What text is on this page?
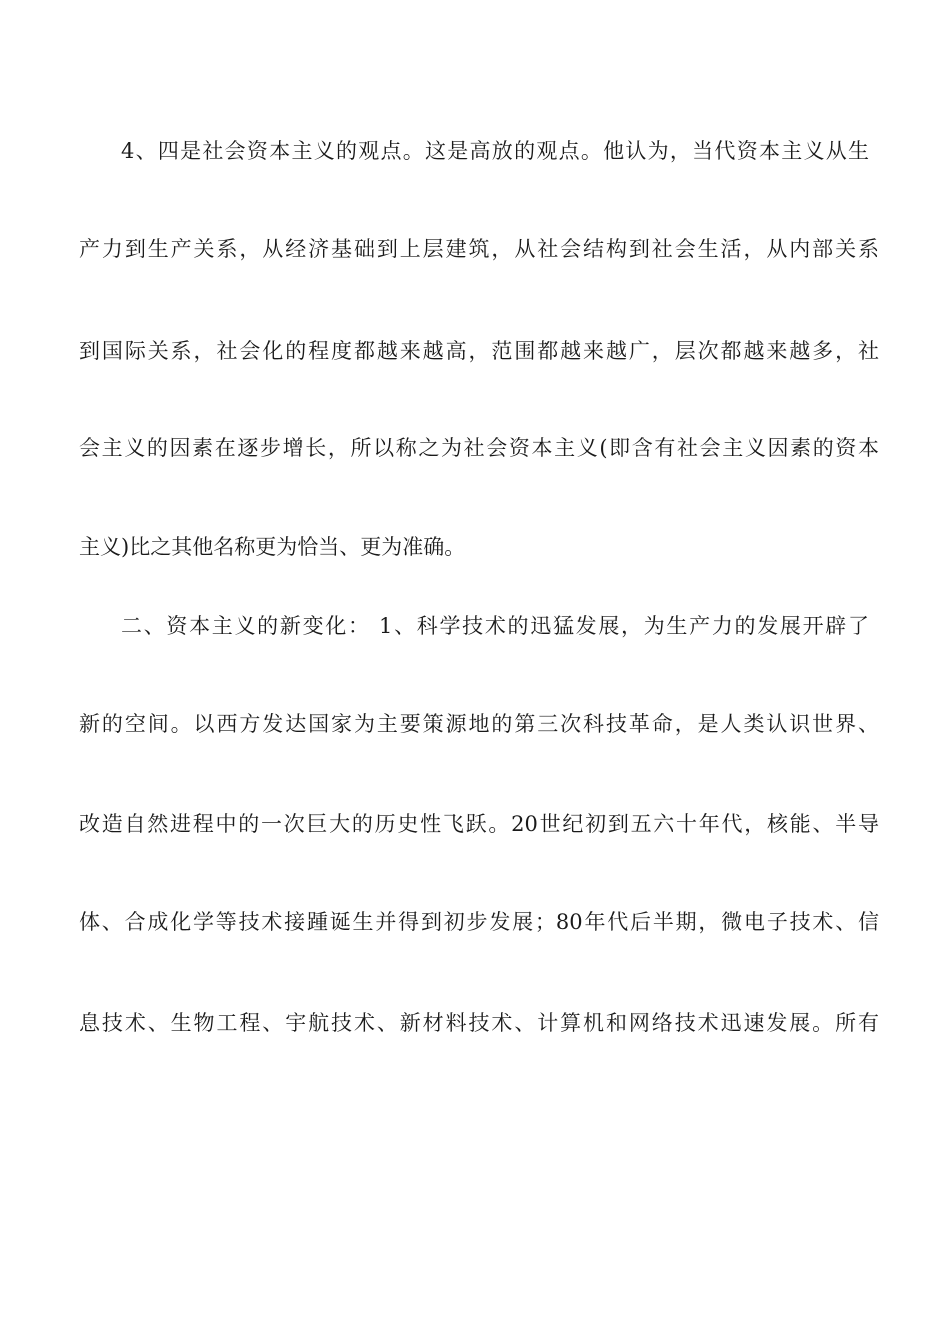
4、四是社会资本主义的观点。这是高放的观点。他认为，当代资本主义从生
产力到生产关系，从经济基础到上层建筑，从社会结构到社会生活，从内部关系
到国际关系，社会化的程度都越来越高，范围都越来越广，层次都越来越多，社
会主义的因素在逐步增长，所以称之为社会资本主义(即含有社会主义因素的资本
主义)比之其他名称更为恰当、更为准确。
二、资本主义的新变化： 1、科学技术的迅猛发展，为生产力的发展开辟了
新的空间。以西方发达国家为主要策源地的第三次科技革命，是人类认识世界、
改造自然进程中的一次巨大的历史性飞跃。20世纪初到五六十年代，核能、半导
体、合成化学等技术接踵诞生并得到初步发展；80年代后半期，微电子技术、信
息技术、生物工程、宇航技术、新材料技术、计算机和网络技术迅速发展。所有
